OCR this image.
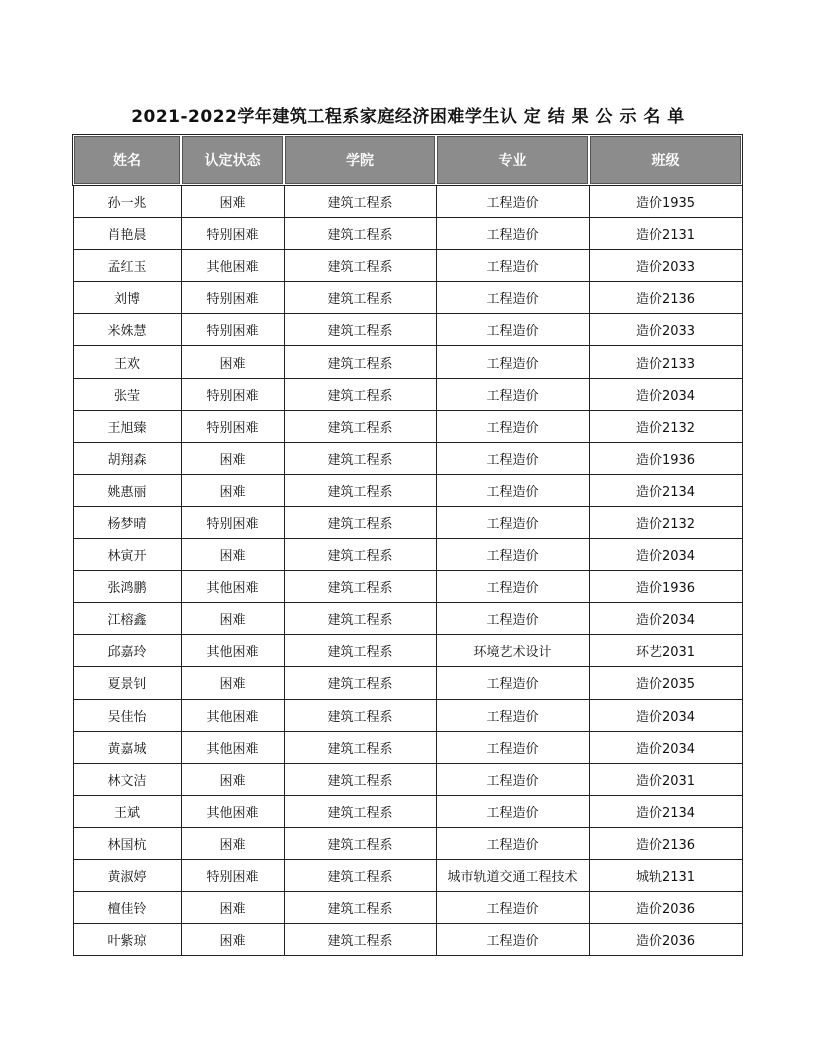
2021-2022学年建筑工程系家庭经济困难学生认 定 结 果 公 示 名 单
姓名	认定状态	学院	专业	班级
孙一兆	困难	建筑工程系	工程造价	造价1935
肖艳晨	特别困难	建筑工程系	工程造价	造价2131
孟红玉	其他困难	建筑工程系	工程造价	造价2033
刘博	特别困难	建筑工程系	工程造价	造价2136
米姝慧	特别困难	建筑工程系	工程造价	造价2033
王欢	困难	建筑工程系	工程造价	造价2133
张莹	特别困难	建筑工程系	工程造价	造价2034
王旭臻	特别困难	建筑工程系	工程造价	造价2132
胡翔森	困难	建筑工程系	工程造价	造价1936
姚惠丽	困难	建筑工程系	工程造价	造价2134
杨梦晴	特别困难	建筑工程系	工程造价	造价2132
林寅开	困难	建筑工程系	工程造价	造价2034
张鸿鹏	其他困难	建筑工程系	工程造价	造价1936
江榕鑫	困难	建筑工程系	工程造价	造价2034
邱嘉玲	其他困难	建筑工程系	环境艺术设计	环艺2031
夏景钊	困难	建筑工程系	工程造价	造价2035
吴佳怡	其他困难	建筑工程系	工程造价	造价2034
黄嘉城	其他困难	建筑工程系	工程造价	造价2034
林文洁	困难	建筑工程系	工程造价	造价2031
王斌	其他困难	建筑工程系	工程造价	造价2134
林国杭	困难	建筑工程系	工程造价	造价2136
黄淑婷	特别困难	建筑工程系	城市轨道交通工程技术	城轨2131
檀佳铃	困难	建筑工程系	工程造价	造价2036
叶紫琼	困难	建筑工程系	工程造价	造价2036
